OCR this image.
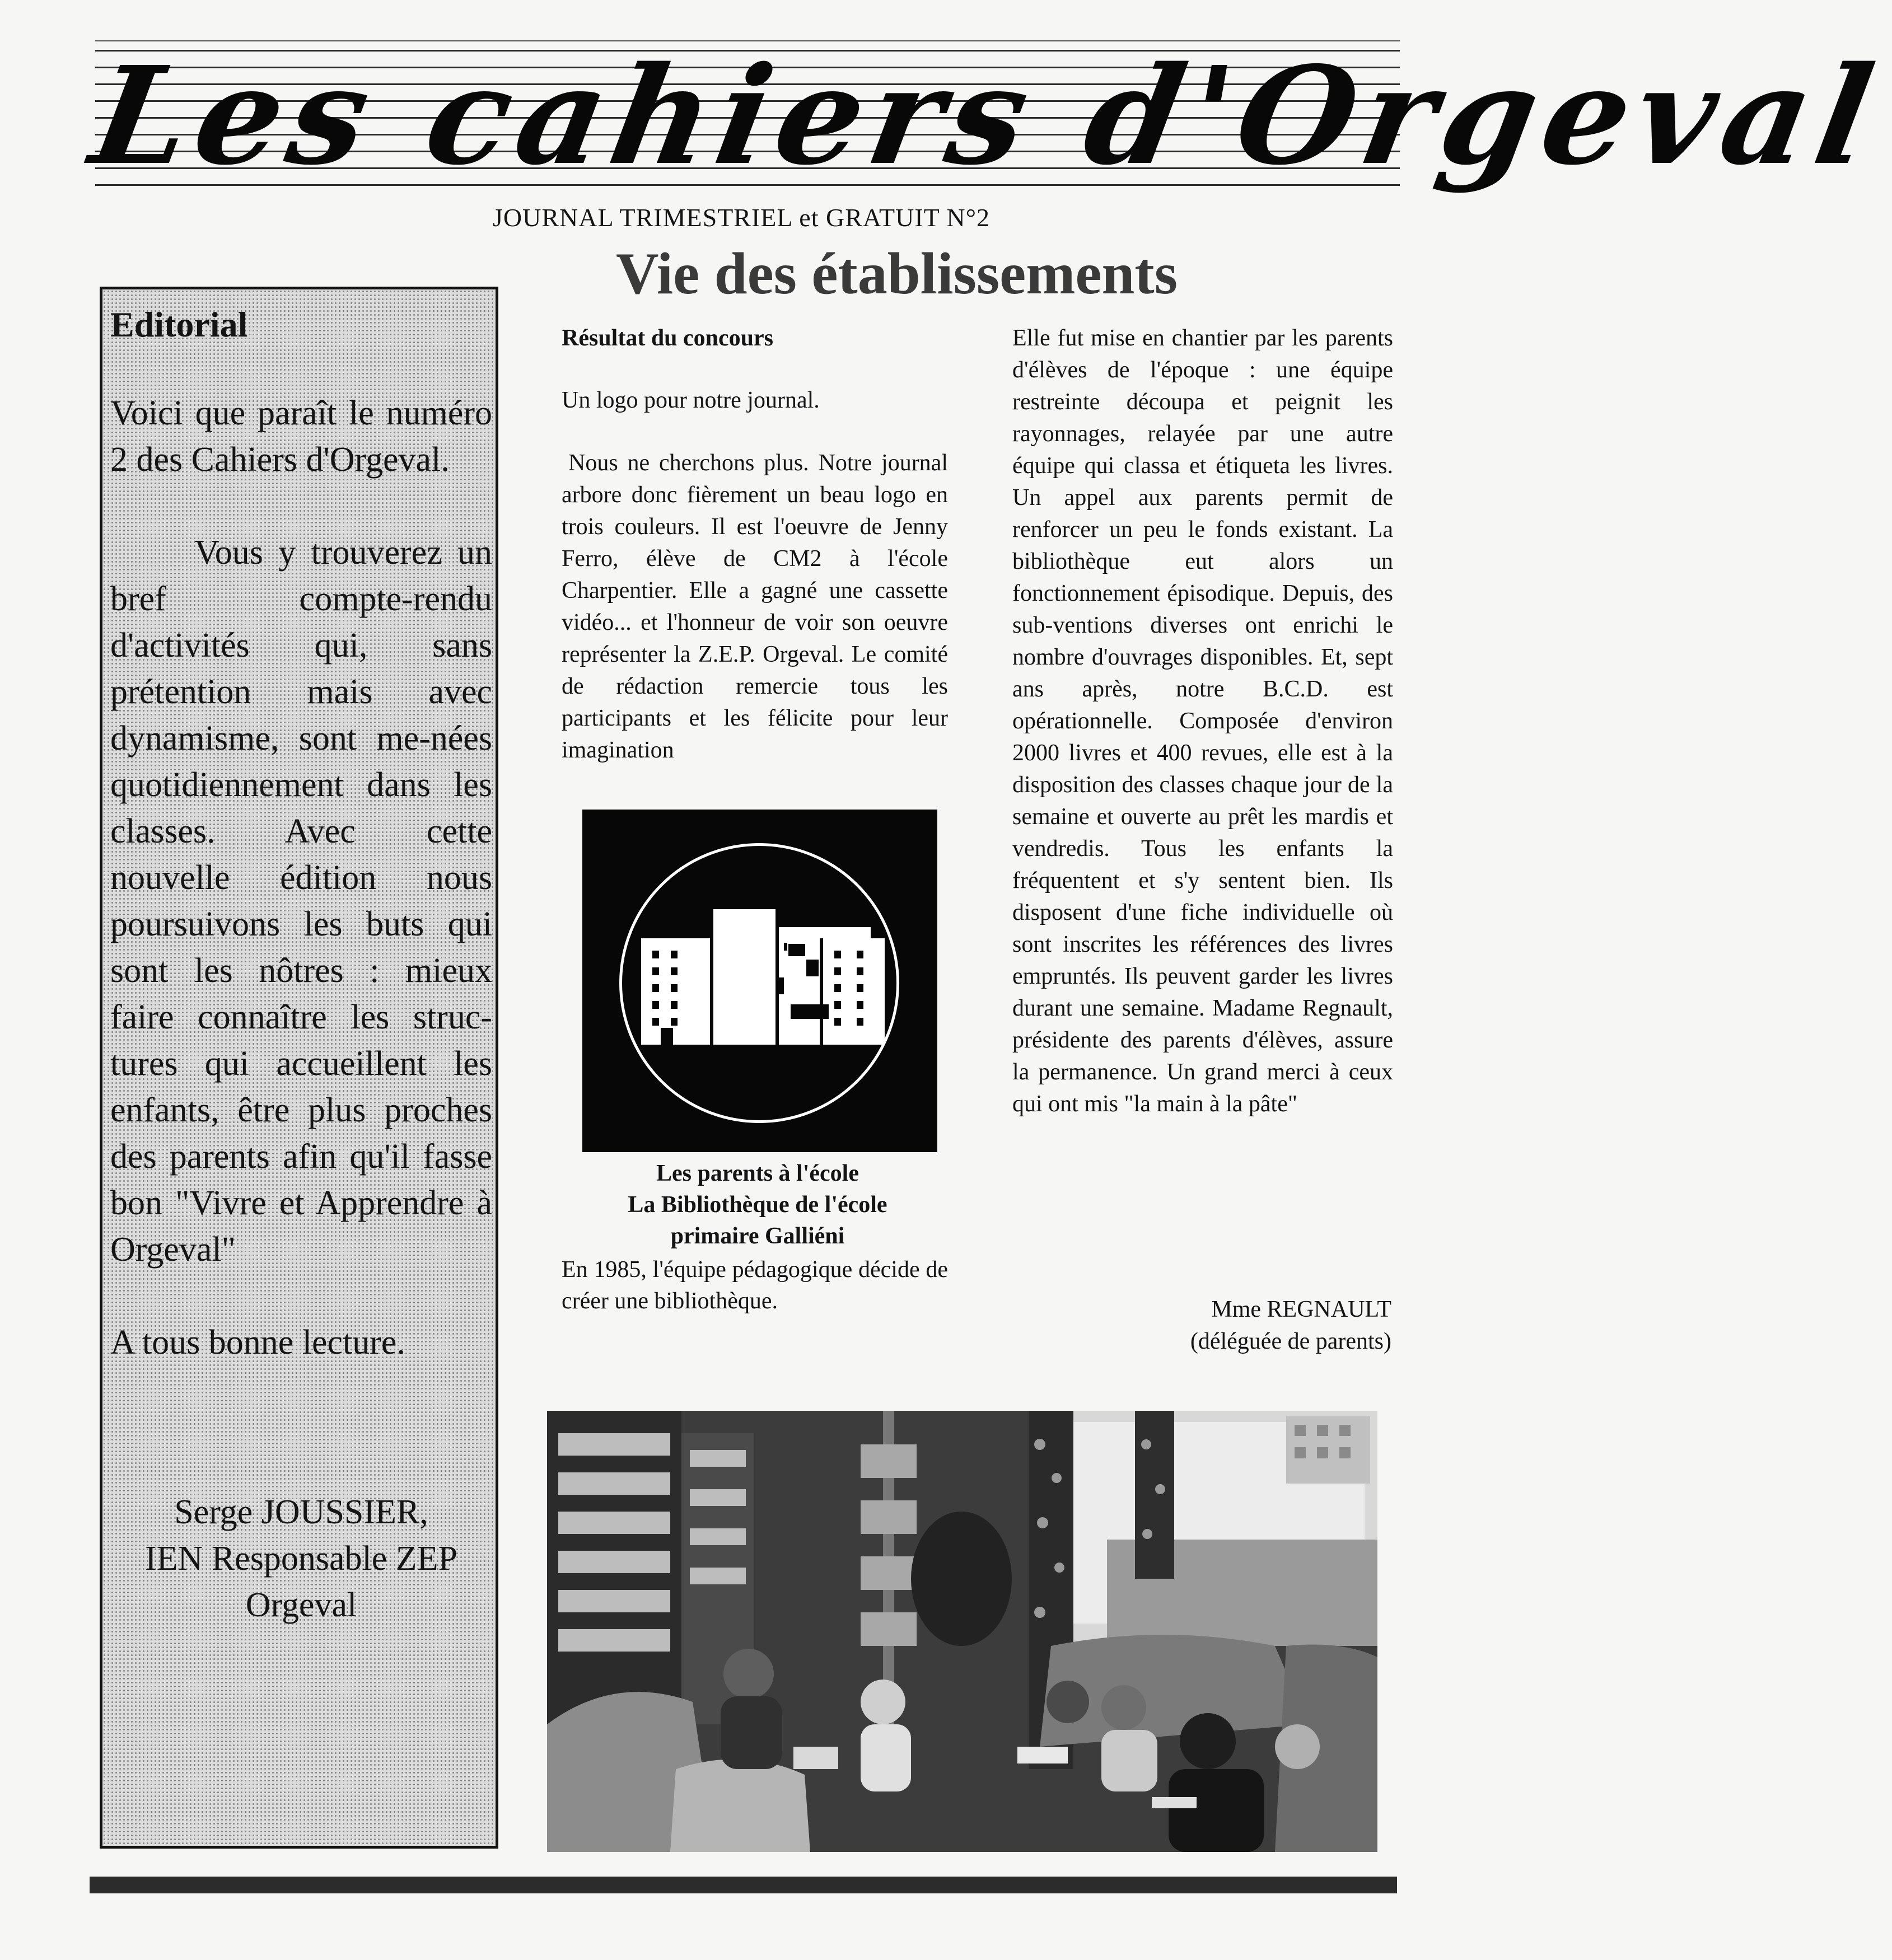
Les cahiers d'Orgeval
JOURNAL TRIMESTRIEL et GRATUIT N°2
Vie des établissements
Editorial

Voici que paraît le numéro 2 des Cahiers d'Orgeval.

Vous y trouverez un bref compte-rendu d'activités qui, sans prétention mais avec dynamisme, sont me-nées quotidiennement dans les classes. Avec cette nouvelle édition nous poursuivons les buts qui sont les nôtres : mieux faire connaître les struc-tures qui accueillent les enfants, être plus proches des parents afin qu'il fasse bon "Vivre et Apprendre à Orgeval"

A tous bonne lecture.

Serge JOUSSIER,
IEN Responsable ZEP
Orgeval

Résultat du concours

Un logo pour notre journal.

Nous ne cherchons plus. Notre journal arbore donc fièrement un beau logo en trois couleurs. Il est l'oeuvre de Jenny Ferro, élève de CM2 à l'école Charpentier. Elle a gagné une cassette vidéo... et l'honneur de voir son oeuvre représenter la Z.E.P. Orgeval. Le comité de rédaction remercie tous les participants et les félicite pour leur imagination

Les parents à l'école
La Bibliothèque de l'école
primaire Galliéni
En 1985, l'équipe pédagogique décide de créer une bibliothèque.

Elle fut mise en chantier par les parents d'élèves de l'époque : une équipe restreinte découpa et peignit les rayonnages, relayée par une autre équipe qui classa et étiqueta les livres. Un appel aux parents permit de renforcer un peu le fonds existant. La bibliothèque eut alors un fonctionnement épisodique. Depuis, des sub-ventions diverses ont enrichi le nombre d'ouvrages disponibles. Et, sept ans après, notre B.C.D. est opérationnelle. Composée d'environ 2000 livres et 400 revues, elle est à la disposition des classes chaque jour de la semaine et ouverte au prêt les mardis et vendredis. Tous les enfants la fréquentent et s'y sentent bien. Ils disposent d'une fiche individuelle où sont inscrites les références des livres empruntés. Ils peuvent garder les livres durant une semaine. Madame Regnault, présidente des parents d'élèves, assure la permanence. Un grand merci à ceux qui ont mis "la main à la pâte"

Mme REGNAULT
(déléguée de parents)
